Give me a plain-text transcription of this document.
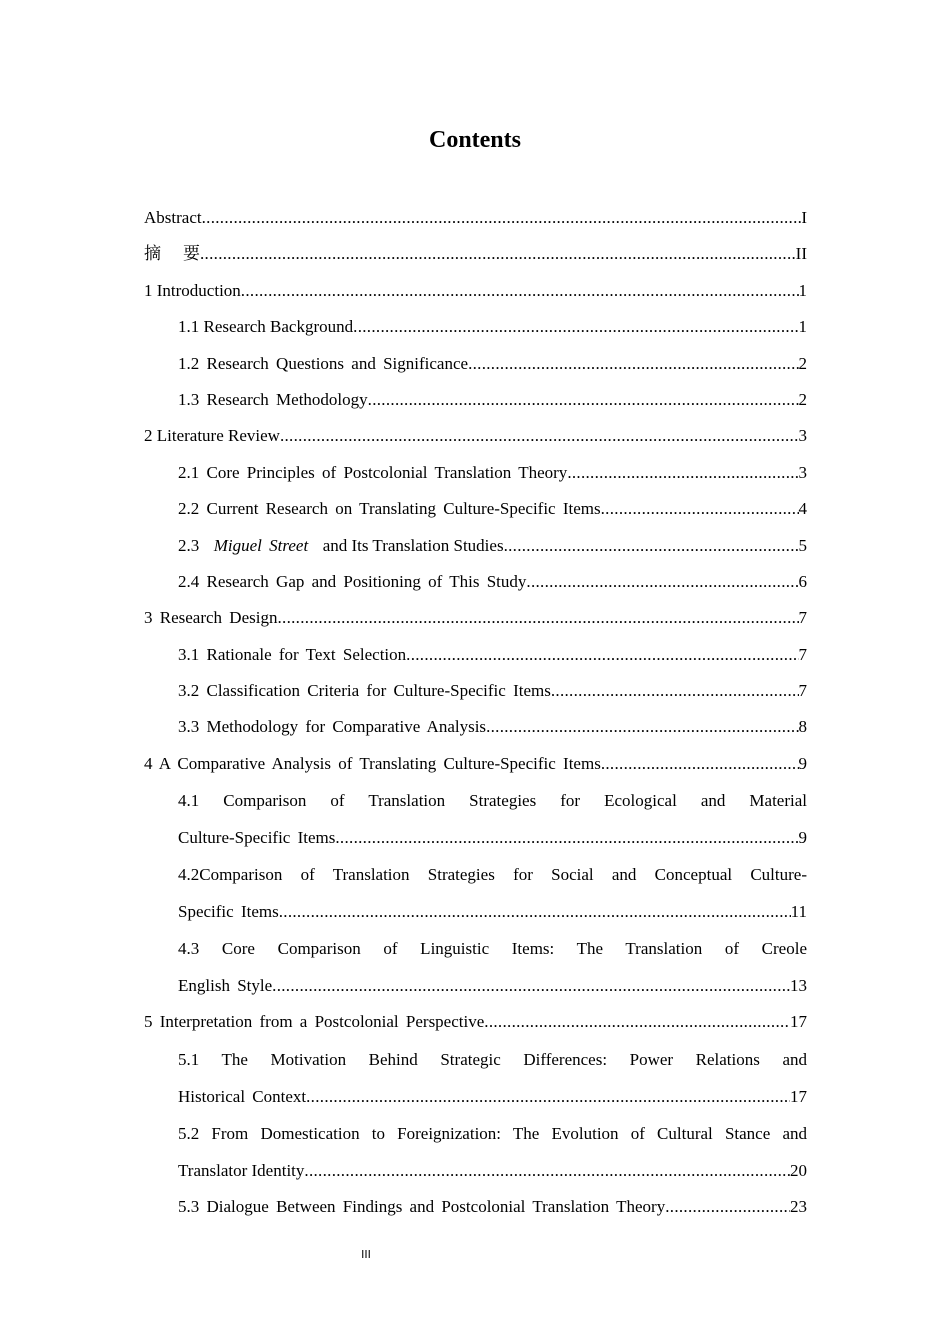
Contents
Abstract .....	I
摘 要 .....	II
1 Introduction .....	1
1.1 Research Background .....	1
1.2 Research Questions and Significance .....	2
1.3 Research Methodology .....	2
2 Literature Review .....	3
2.1 Core Principles of Postcolonial Translation Theory .....	3
2.2 Current Research on Translating Culture-Specific Items .....	4
2.3 Miguel Street and Its Translation Studies .....	5
2.4 Research Gap and Positioning of This Study .....	6
3 Research Design .....	7
3.1 Rationale for Text Selection .....	7
3.2 Classification Criteria for Culture-Specific Items .....	7
3.3 Methodology for Comparative Analysis .....	8
4 A Comparative Analysis of Translating Culture-Specific Items .....	9
4.1 Comparison of Translation Strategies for Ecological and Material
Culture-Specific Items .....	9
4.2Comparison of Translation Strategies for Social and Conceptual Culture-
Specific Items .....	11
4.3 Core Comparison of Linguistic Items: The Translation of Creole
English Style .....	13
5 Interpretation from a Postcolonial Perspective .....	17
5.1 The Motivation Behind Strategic Differences: Power Relations and
Historical Context .....	17
5.2 From Domestication to Foreignization: The Evolution of Cultural Stance and
Translator Identity .....	20
5.3 Dialogue Between Findings and Postcolonial Translation Theory .....	23
III
